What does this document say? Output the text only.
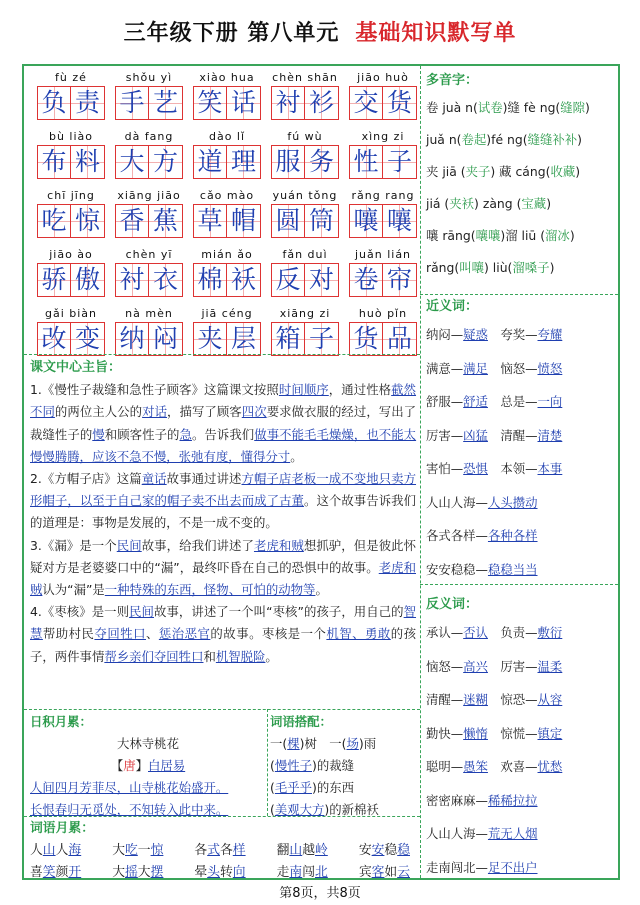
三年级下册 第八单元 基础知识默写单
fù zé
负 责
shǒu yì
手 艺
xiào hua
笑 话
chèn shān
衬 衫
jiāo huò
交 货
bù liào
布 料
dà fang
大 方
dào lǐ
道 理
fú wù
服 务
xìng zi
性 子
chī jīng
吃 惊
xiāng jiāo
香 蕉
cǎo mào
草 帽
yuán tǒng
圆 筒
rǎng rang
嚷 嚷
jiāo ào
骄 傲
chèn yī
衬 衣
mián ǎo
棉 袄
fǎn duì
反 对
juǎn lián
卷 帘
gǎi biàn
改 变
nà mèn
纳 闷
jiā céng
夹 层
xiāng zi
箱 子
huò pǐn
货 品
课文中心主旨：

1.《慢性子裁缝和急性子顾客》这篇课文按照时间顺序，通过性格截然不同的两位主人公的对话，描写了顾客四次要求做衣服的经过，写出了裁缝性子的慢和顾客性子的急。告诉我们做事不能毛毛燥燥，也不能太慢慢腾腾，应该不急不慢，张弛有度，懂得分寸。

2.《方帽子店》这篇童话故事通过讲述方帽子店老板一成不变地只卖方形帽子，以至于自己家的帽子卖不出去而成了古董。这个故事告诉我们的道理是：事物是发展的，不是一成不变的。

3.《漏》是一个民间故事，给我们讲述了老虎和贼想抓驴，但是彼此怀疑对方是老婆婆口中的“漏”，最终吓昏在自己的恐惧中的故事。老虎和贼认为“漏”是一种特殊的东西，怪物、可怕的动物等。

4.《枣核》是一则民间故事，讲述了一个叫“枣核”的孩子，用自己的智慧帮助村民夺回牲口、惩治恶官的故事。枣核是一个机智、勇敢的孩子，两件事情帮乡亲们夺回牲口和机智脱险。

日积月累：
大林寺桃花
【唐】白居易
人间四月芳菲尽，山寺桃花始盛开。
长恨春归无觅处，不知转入此中来。
词语搭配：
一(棵)树　一(场)雨
(慢性子)的裁缝
(毛乎乎)的东西
(美观大方)的新棉袄
词语月累：
人山人海 大吃一惊 各式各样 翻山越岭 安安稳稳
喜笑颜开 大摇大摆 晕头转向 走南闯北 宾客如云
多音字：
卷 juà n(试卷)缝 fè ng(缝隙)
juǎ n(卷起)fé ng(缝缝补补)
夹 jiā (夹子) 藏 cáng(收藏)
jiá (夹袄) zàng (宝藏)
嚷 rāng(嚷嚷)溜 liū (溜冰)
rǎng(叫嚷) liù(溜嗓子)
近义词：
纳闷—疑惑　夸奖—夸耀
满意—满足　恼怒—愤怒
舒服—舒适　总是—一向
厉害—凶猛　清醒—清楚
害怕—恐惧　本领—本事
人山人海—人头攒动
各式各样—各种各样
安安稳稳—稳稳当当
反义词：
承认—否认　负责—敷衍
恼怒—高兴　厉害—温柔
清醒—迷糊　惊恐—从容
勤快—懒惰　惊慌—镇定
聪明—愚笨　欢喜—忧愁
密密麻麻—稀稀拉拉
人山人海—荒无人烟
走南闯北—足不出户
第8页，共8页
